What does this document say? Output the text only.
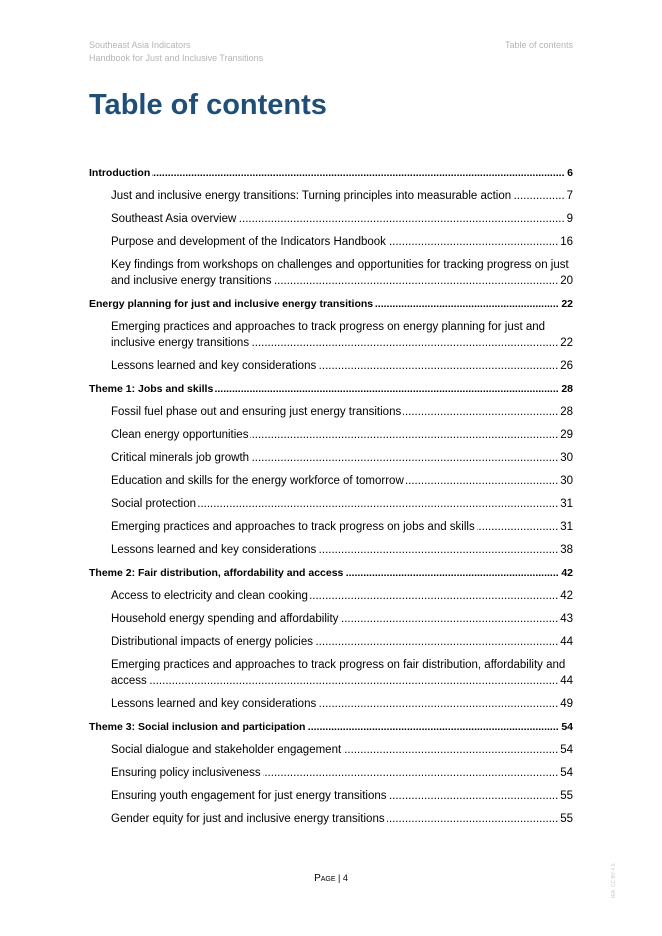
Southeast Asia Indicators
Handbook for Just and Inclusive Transitions
Table of contents
Table of contents
.....
Introduction	6
.....
Just and inclusive energy transitions: Turning principles into measurable action	7
.....
Southeast Asia overview	9
.....
Purpose and development of the Indicators Handbook	16
.....
Key findings from workshops on challenges and opportunities for tracking progress on just and inclusive energy transitions	20
.....
Energy planning for just and inclusive energy transitions	22
.....
Emerging practices and approaches to track progress on energy planning for just and inclusive energy transitions	22
.....
Lessons learned and key considerations	26
.....
Theme 1: Jobs and skills	28
.....
Fossil fuel phase out and ensuring just energy transitions	28
.....
Clean energy opportunities	29
.....
Critical minerals job growth	30
.....
Education and skills for the energy workforce of tomorrow	30
.....
Social protection	31
.....
Emerging practices and approaches to track progress on jobs and skills	31
.....
Lessons learned and key considerations	38
.....
Theme 2: Fair distribution, affordability and access	42
.....
Access to electricity and clean cooking	42
.....
Household energy spending and affordability	43
.....
Distributional impacts of energy policies	44
.....
Emerging practices and approaches to track progress on fair distribution, affordability and access	44
.....
Lessons learned and key considerations	49
.....
Theme 3: Social inclusion and participation	54
.....
Social dialogue and stakeholder engagement	54
.....
Ensuring policy inclusiveness	54
.....
Ensuring youth engagement for just energy transitions	55
.....
Gender equity for just and inclusive energy transitions	55
Page | 4	IEA. CC BY 4.0.
